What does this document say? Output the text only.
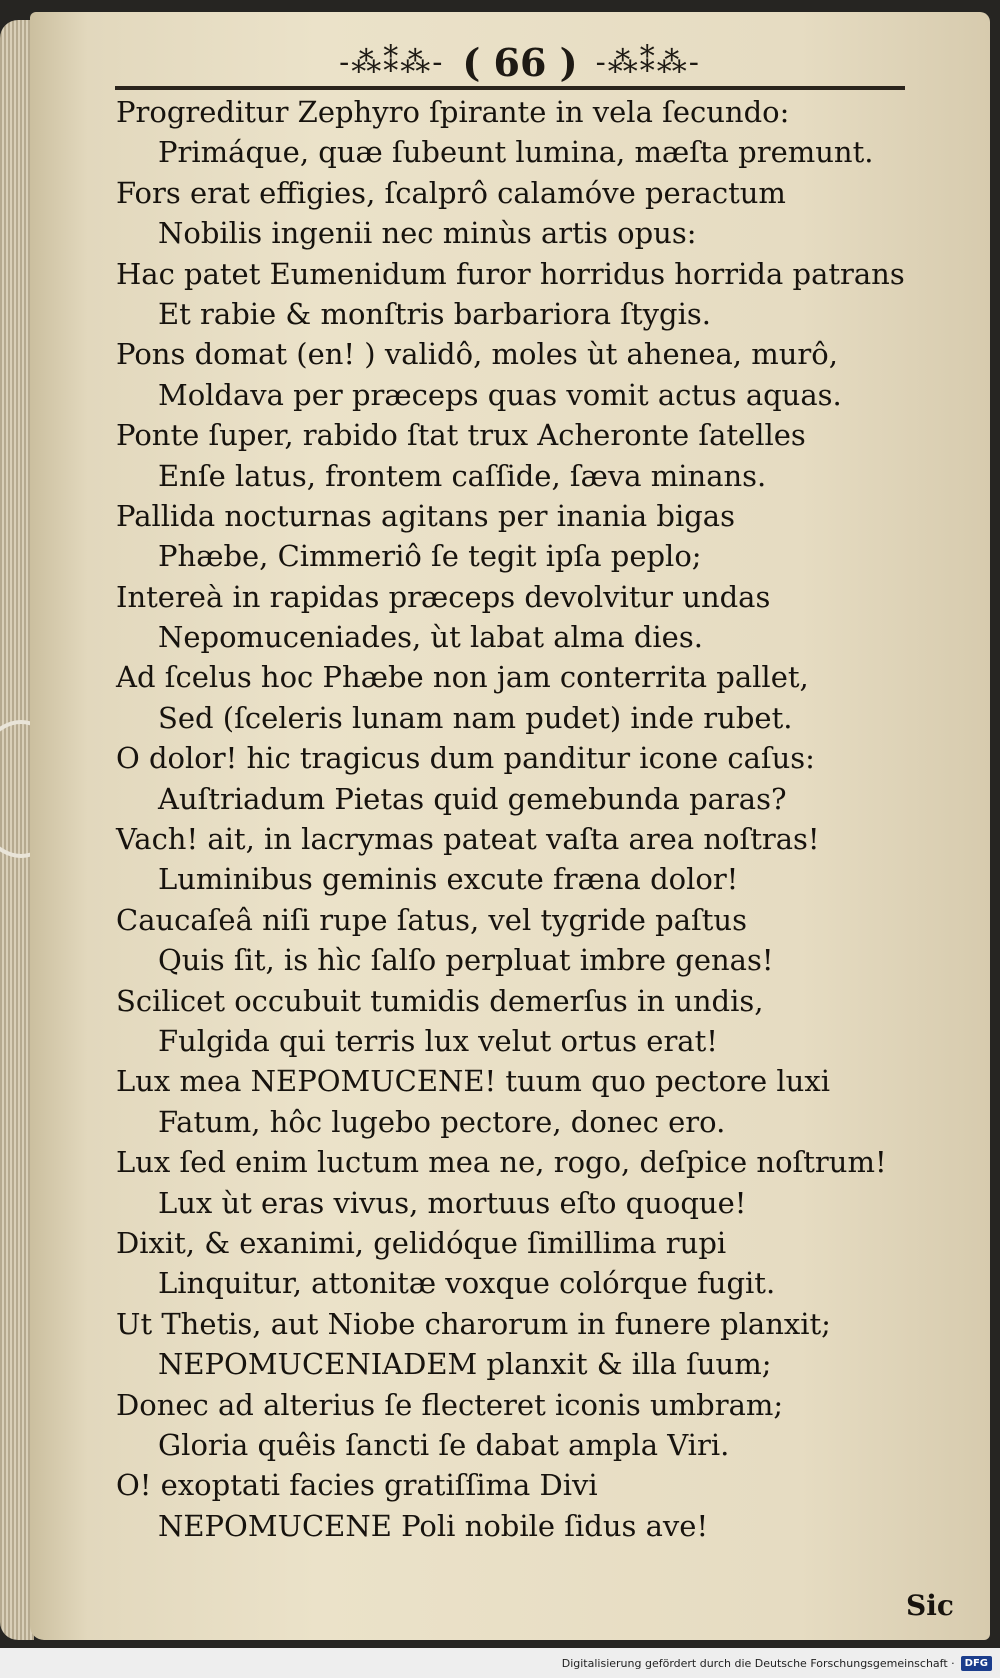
-⁂⁑⁂- ( 66 ) -⁂⁑⁂-
Progreditur Zephyro ſpirante in vela ſecundo:
Primáque, quæ ſubeunt lumina, mæſta premunt.
Fors erat effigies, ſcalprô calamóve peractum
Nobilis ingenii nec minùs artis opus:
Hac patet Eumenidum furor horridus horrida patrans
Et rabie & monſtris barbariora ſtygis.
Pons domat (en! ) validô, moles ùt ahenea, murô,
Moldava per præceps quas vomit actus aquas.
Ponte ſuper, rabido ſtat trux Acheronte ſatelles
Enſe latus, frontem caſſide, ſæva minans.
Pallida nocturnas agitans per inania bigas
Phæbe, Cimmeriô ſe tegit ipſa peplo;
Intereà in rapidas præceps devolvitur undas
Nepomuceniades, ùt labat alma dies.
Ad ſcelus hoc Phæbe non jam conterrita pallet,
Sed (ſceleris lunam nam pudet) inde rubet.
O dolor! hic tragicus dum panditur icone caſus:
Auſtriadum Pietas quid gemebunda paras?
Vach! ait, in lacrymas pateat vaſta area noſtras!
Luminibus geminis excute fræna dolor!
Caucaſeâ niſi rupe ſatus, vel tygride paſtus
Quis ſit, is hìc ſalſo perpluat imbre genas!
Scilicet occubuit tumidis demerſus in undis,
Fulgida qui terris lux velut ortus erat!
Lux mea NEPOMUCENE! tuum quo pectore luxi
Fatum, hôc lugebo pectore, donec ero.
Lux ſed enim luctum mea ne, rogo, deſpice noſtrum!
Lux ùt eras vivus, mortuus eſto quoque!
Dixit, & exanimi, gelidóque ſimillima rupi
Linquitur, attonitæ voxque colórque fugit.
Ut Thetis, aut Niobe charorum in funere planxit;
NEPOMUCENIADEM planxit & illa ſuum;
Donec ad alterius ſe flecteret iconis umbram;
Gloria quêis ſancti ſe dabat ampla Viri.
O! exoptati facies gratiſſima Divi
NEPOMUCENE Poli nobile ſidus ave!
Sic
Digitalisierung gefördert durch die Deutsche Forschungsgemeinschaft ·	DFG
